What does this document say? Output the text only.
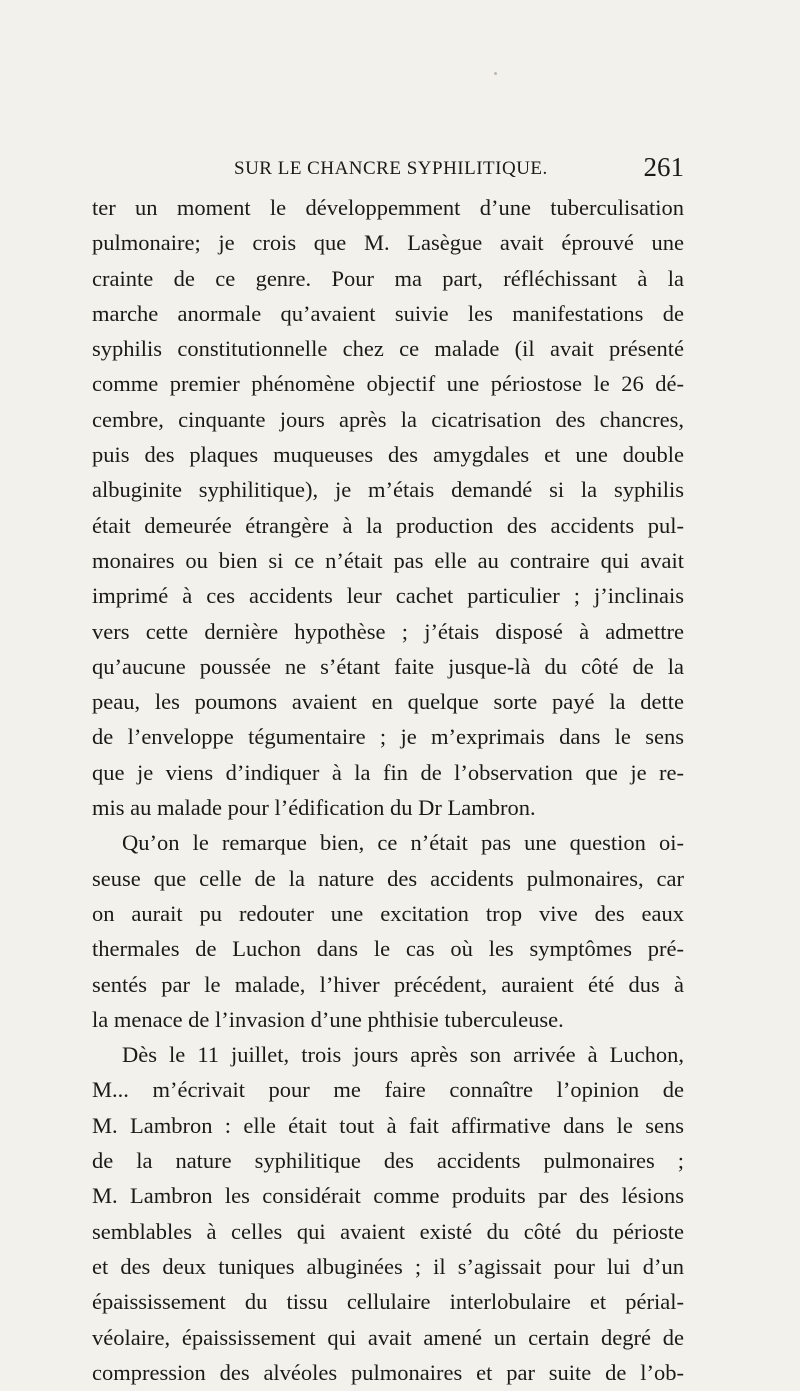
SUR LE CHANCRE SYPHILITIQUE.	261
ter un moment le développemment d’une tuberculisation
pulmonaire; je crois que M. Lasègue avait éprouvé une
crainte de ce genre. Pour ma part, réfléchissant à la
marche anormale qu’avaient suivie les manifestations de
syphilis constitutionnelle chez ce malade (il avait présenté
comme premier phénomène objectif une périostose le 26 dé-
cembre, cinquante jours après la cicatrisation des chancres,
puis des plaques muqueuses des amygdales et une double
albuginite syphilitique), je m’étais demandé si la syphilis
était demeurée étrangère à la production des accidents pul-
monaires ou bien si ce n’était pas elle au contraire qui avait
imprimé à ces accidents leur cachet particulier ; j’inclinais
vers cette dernière hypothèse ; j’étais disposé à admettre
qu’aucune poussée ne s’étant faite jusque-là du côté de la
peau, les poumons avaient en quelque sorte payé la dette
de l’enveloppe tégumentaire ; je m’exprimais dans le sens
que je viens d’indiquer à la fin de l’observation que je re-
mis au malade pour l’édification du Dr Lambron.
Qu’on le remarque bien, ce n’était pas une question oi-
seuse que celle de la nature des accidents pulmonaires, car
on aurait pu redouter une excitation trop vive des eaux
thermales de Luchon dans le cas où les symptômes pré-
sentés par le malade, l’hiver précédent, auraient été dus à
la menace de l’invasion d’une phthisie tuberculeuse.
Dès le 11 juillet, trois jours après son arrivée à Luchon,
M... m’écrivait pour me faire connaître l’opinion de
M. Lambron : elle était tout à fait affirmative dans le sens
de la nature syphilitique des accidents pulmonaires ;
M. Lambron les considérait comme produits par des lésions
semblables à celles qui avaient existé du côté du périoste
et des deux tuniques albuginées ; il s’agissait pour lui d’un
épaississement du tissu cellulaire interlobulaire et périal-
véolaire, épaississement qui avait amené un certain degré de
compression des alvéoles pulmonaires et par suite de l’ob-
